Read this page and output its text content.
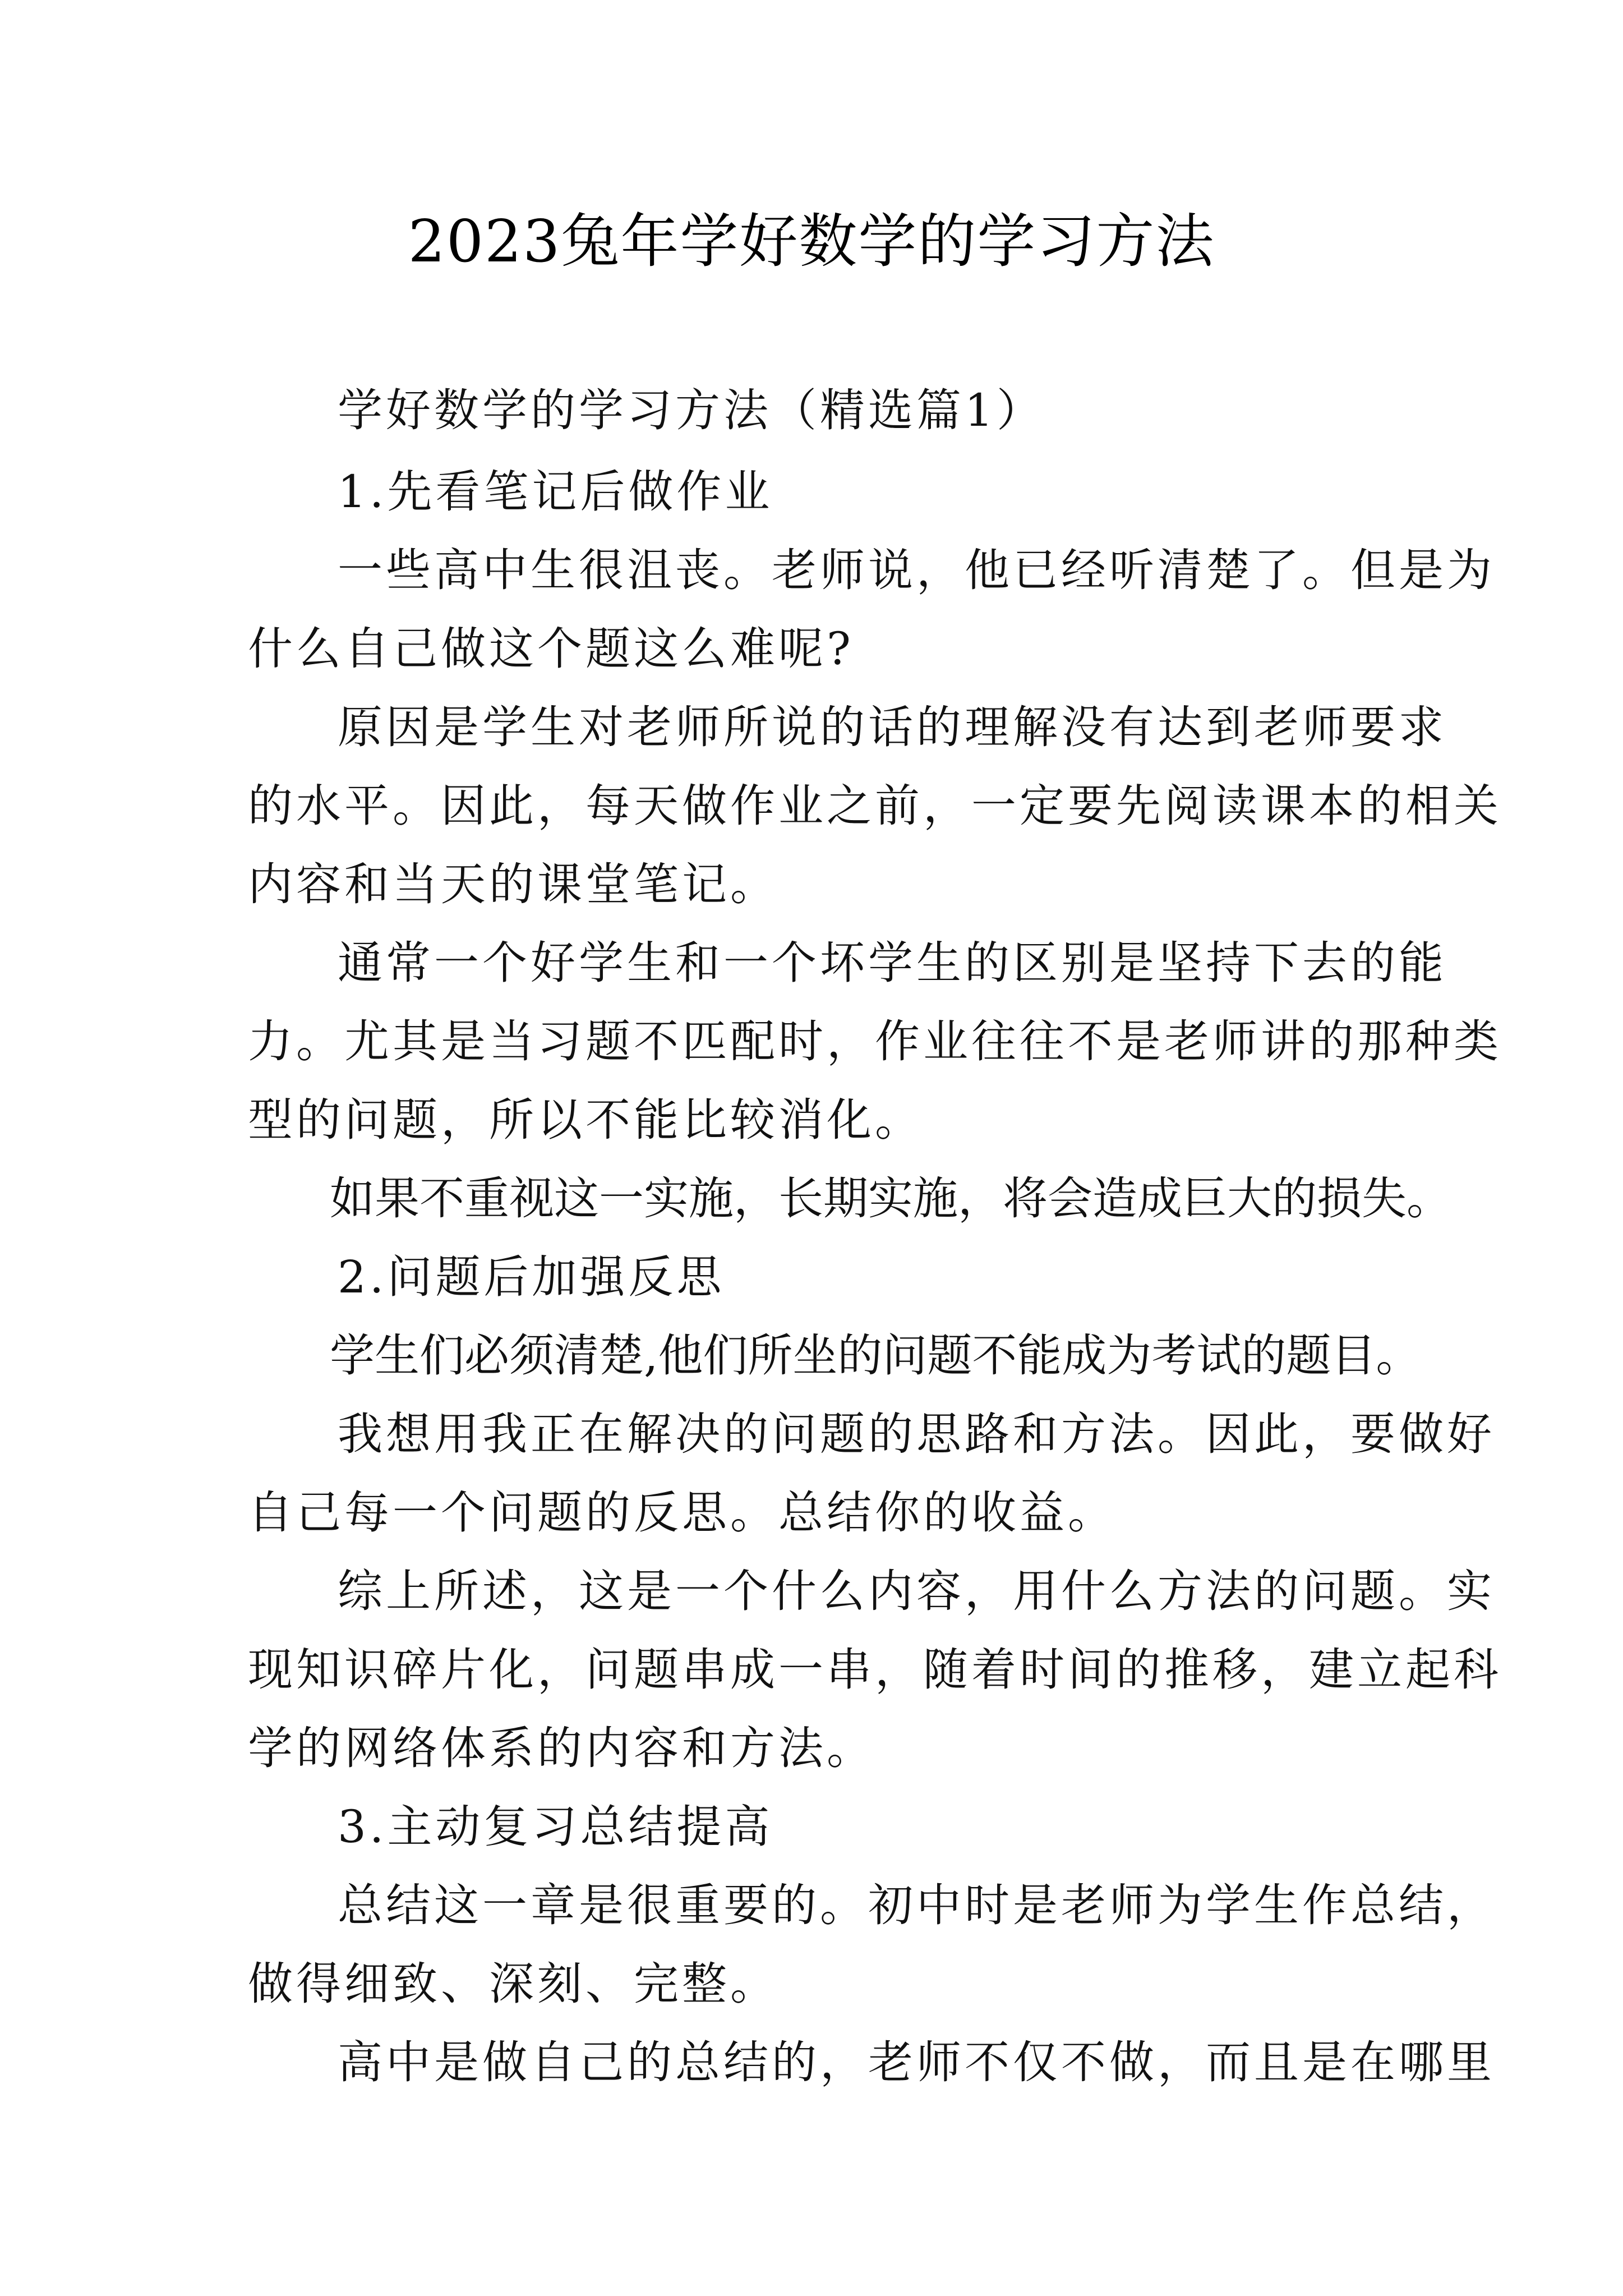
2023兔年学好数学的学习方法
学好数学的学习方法（精选篇1）
1.先看笔记后做作业
一些高中生很沮丧。老师说，他已经听清楚了。但是为
什么自己做这个题这么难呢?
原因是学生对老师所说的话的理解没有达到老师要求
的水平。因此，每天做作业之前，一定要先阅读课本的相关
内容和当天的课堂笔记。
通常一个好学生和一个坏学生的区别是坚持下去的能
力。尤其是当习题不匹配时，作业往往不是老师讲的那种类
型的问题，所以不能比较消化。
如果不重视这一实施，长期实施，将会造成巨大的损失。
2.问题后加强反思
学生们必须清楚,他们所坐的问题不能成为考试的题目。
我想用我正在解决的问题的思路和方法。因此，要做好
自己每一个问题的反思。总结你的收益。
综上所述，这是一个什么内容，用什么方法的问题。实
现知识碎片化，问题串成一串，随着时间的推移，建立起科
学的网络体系的内容和方法。
3.主动复习总结提高
总结这一章是很重要的。初中时是老师为学生作总结，
做得细致、深刻、完整。
高中是做自己的总结的，老师不仅不做，而且是在哪里
